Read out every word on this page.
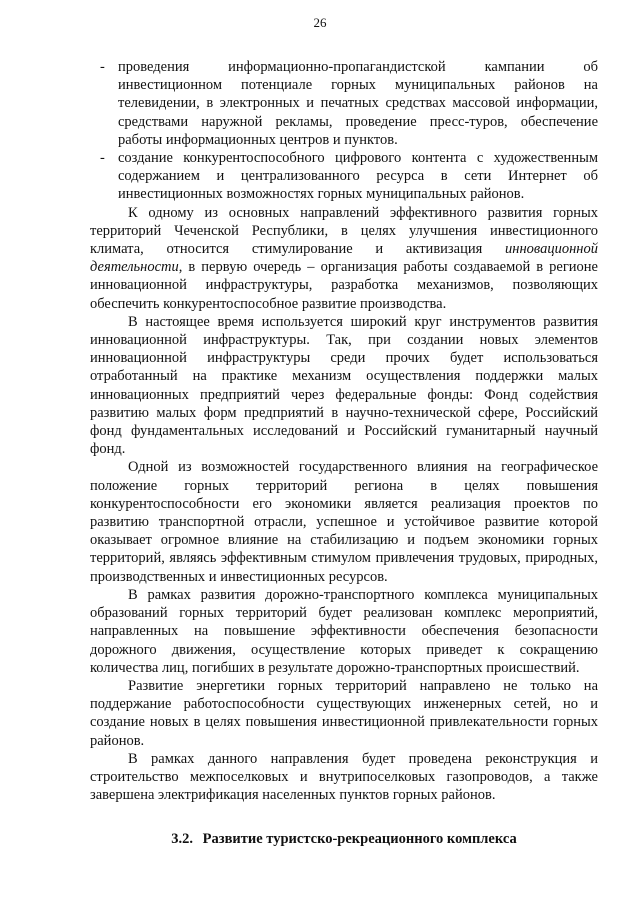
26
- проведения информационно-пропагандистской кампании об инвестиционном потенциале горных муниципальных районов на телевидении, в электронных и печатных средствах массовой информации, средствами наружной рекламы, проведение пресс-туров, обеспечение работы информационных центров и пунктов.
- создание конкурентоспособного цифрового контента с художественным содержанием и централизованного ресурса в сети Интернет об инвестиционных возможностях горных муниципальных районов.

К одному из основных направлений эффективного развития горных территорий Чеченской Республики, в целях улучшения инвестиционного климата, относится стимулирование и активизация инновационной деятельности, в первую очередь – организация работы создаваемой в регионе инновационной инфраструктуры, разработка механизмов, позволяющих обеспечить конкурентоспособное развитие производства.

В настоящее время используется широкий круг инструментов развития инновационной инфраструктуры. Так, при создании новых элементов инновационной инфраструктуры среди прочих будет использоваться отработанный на практике механизм осуществления поддержки малых инновационных предприятий через федеральные фонды: Фонд содействия развитию малых форм предприятий в научно-технической сфере, Российский фонд фундаментальных исследований и Российский гуманитарный научный фонд.

Одной из возможностей государственного влияния на географическое положение горных территорий региона в целях повышения конкурентоспособности его экономики является реализация проектов по развитию транспортной отрасли, успешное и устойчивое развитие которой оказывает огромное влияние на стабилизацию и подъем экономики горных территорий, являясь эффективным стимулом привлечения трудовых, природных, производственных и инвестиционных ресурсов.

В рамках развития дорожно-транспортного комплекса муниципальных образований горных территорий будет реализован комплекс мероприятий, направленных на повышение эффективности обеспечения безопасности дорожного движения, осуществление которых приведет к сокращению количества лиц, погибших в результате дорожно-транспортных происшествий.

Развитие энергетики горных территорий направлено не только на поддержание работоспособности существующих инженерных сетей, но и создание новых в целях повышения инвестиционной привлекательности горных районов.

В рамках данного направления будет проведена реконструкция и строительство межпоселковых и внутрипоселковых газопроводов, а также завершена электрификация населенных пунктов горных районов.

3.2. Развитие туристско-рекреационного комплекса
